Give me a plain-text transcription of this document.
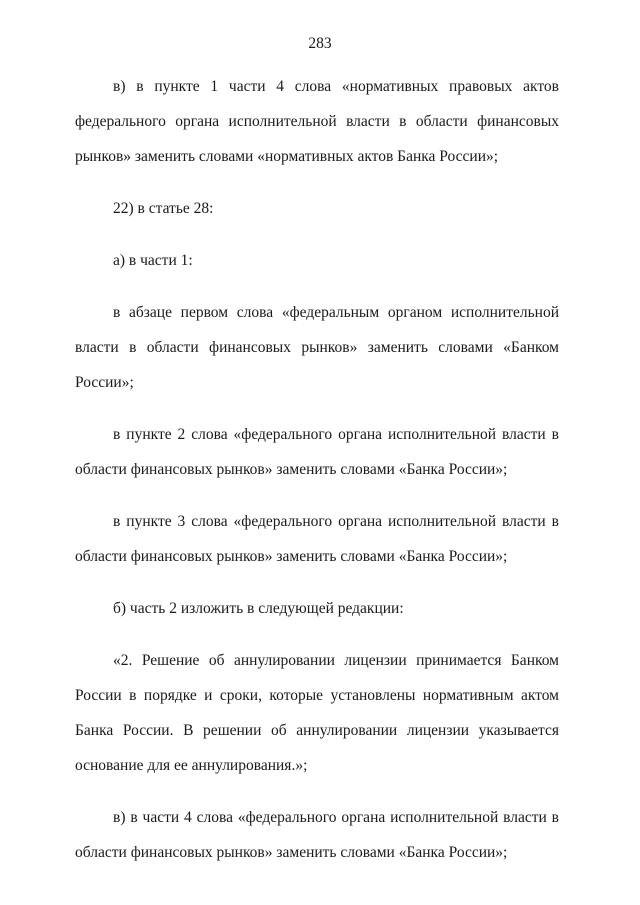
283

в) в пункте 1 части 4 слова «нормативных правовых актов федерального органа исполнительной власти в области финансовых рынков» заменить словами «нормативных актов Банка России»;

22) в статье 28:

а) в части 1:

в абзаце первом слова «федеральным органом исполнительной власти в области финансовых рынков» заменить словами «Банком России»;

в пункте 2 слова «федерального органа исполнительной власти в области финансовых рынков» заменить словами «Банка России»;

в пункте 3 слова «федерального органа исполнительной власти в области финансовых рынков» заменить словами «Банка России»;

б) часть 2 изложить в следующей редакции:

«2. Решение об аннулировании лицензии принимается Банком России в порядке и сроки, которые установлены нормативным актом Банка России. В решении об аннулировании лицензии указывается основание для ее аннулирования.»;

в) в части 4 слова «федерального органа исполнительной власти в области финансовых рынков» заменить словами «Банка России»;
